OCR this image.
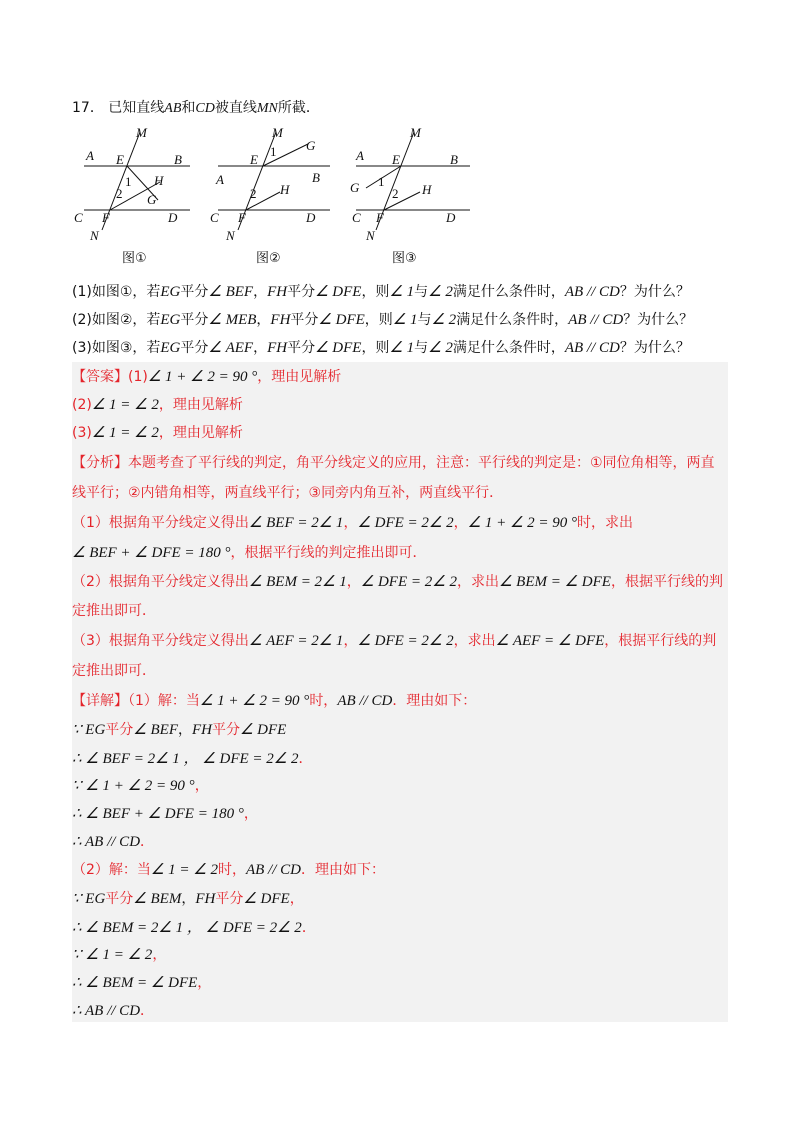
17． 已知直线AB和CD被直线MN所截．
M
A E	B
1
2
H
G
C F	D
N
图①
M
G
1
E
A	B
2 H
C F	D
N
图②
M
A E	B
G 1
2 H
C F	D
N
图③
(1)如图①，若EG平分∠ BEF，FH平分∠ DFE，则∠ 1与∠ 2满足什么条件时，AB // CD？为什么？
(2)如图②，若EG平分∠ MEB，FH平分∠ DFE，则∠ 1与∠ 2满足什么条件时，AB // CD？为什么？
(3)如图③，若EG平分∠ AEF，FH平分∠ DFE，则∠ 1与∠ 2满足什么条件时，AB // CD？为什么？
【答案】(1)∠ 1 + ∠ 2 = 90 °，理由见解析
(2)∠ 1 = ∠ 2，理由见解析
(3)∠ 1 = ∠ 2，理由见解析
【分析】本题考查了平行线的判定，角平分线定义的应用，注意：平行线的判定是：①同位角相等，两直
线平行；②内错角相等，两直线平行；③同旁内角互补，两直线平行．
（1）根据角平分线定义得出∠ BEF = 2∠ 1，∠ DFE = 2∠ 2，∠ 1 + ∠ 2 = 90 °时，求出
∠ BEF + ∠ DFE = 180 °，根据平行线的判定推出即可．
（2）根据角平分线定义得出∠ BEM = 2∠ 1，∠ DFE = 2∠ 2，求出∠ BEM = ∠ DFE，根据平行线的判
定推出即可．
（3）根据角平分线定义得出∠ AEF = 2∠ 1，∠ DFE = 2∠ 2，求出∠ AEF = ∠ DFE，根据平行线的判
定推出即可．
【详解】（1）解：当∠ 1 + ∠ 2 = 90 °时，AB // CD．理由如下：
∵ EG平分∠ BEF，FH平分∠ DFE
∴ ∠ BEF = 2∠ 1 ， ∠ DFE = 2∠ 2．
∵ ∠ 1 + ∠ 2 = 90 °，
∴ ∠ BEF + ∠ DFE = 180 °，
∴ AB // CD．
（2）解：当∠ 1 = ∠ 2时，AB // CD．理由如下：
∵ EG平分∠ BEM，FH平分∠ DFE，
∴ ∠ BEM = 2∠ 1 ， ∠ DFE = 2∠ 2．
∵ ∠ 1 = ∠ 2，
∴ ∠ BEM = ∠ DFE，
∴ AB // CD．
